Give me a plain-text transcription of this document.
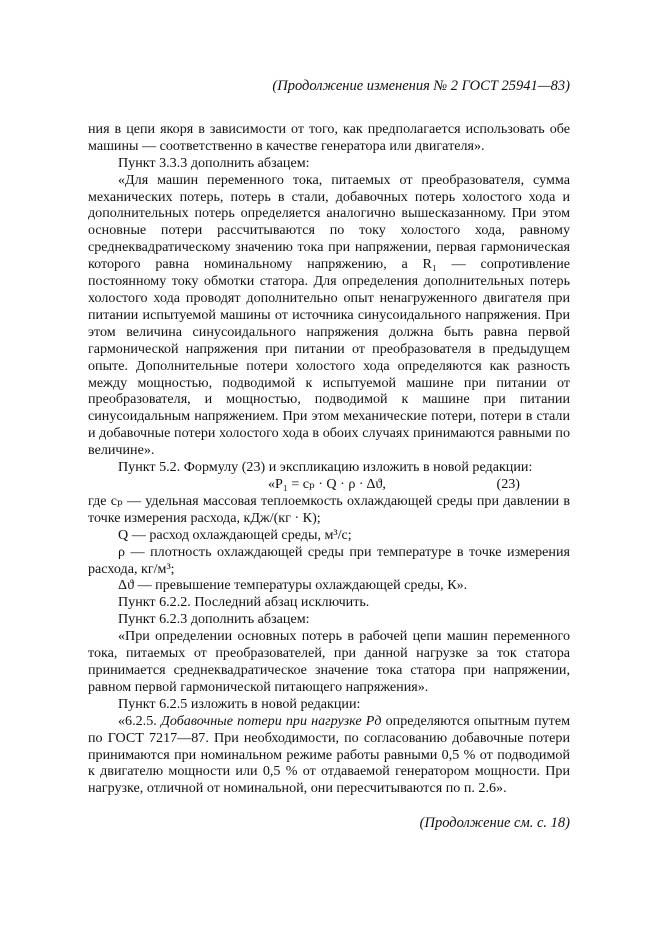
(Продолжение изменения № 2 ГОСТ 25941—83)

ния в цепи якоря в зависимости от того, как предполагается использовать обе машины — соответственно в качестве генератора или двигателя».

Пункт 3.3.3 дополнить абзацем:

«Для машин переменного тока, питаемых от преобразователя, сумма механических потерь, потерь в стали, добавочных потерь холостого хода и дополнительных потерь определяется аналогично вышесказанному. При этом основные потери рассчитываются по току холостого хода, равному среднеквадратическому значению тока при напряжении, первая гармоническая которого равна номинальному напряжению, а R₁ — сопротивление постоянному току обмотки статора. Для определения дополнительных потерь холостого хода проводят дополнительно опыт ненагруженного двигателя при питании испытуемой машины от источника синусоидального напряжения. При этом величина синусоидального напряжения должна быть равна первой гармонической напряжения при питании от преобразователя в предыдущем опыте. Дополнительные потери холостого хода определяются как разность между мощностью, подводимой к испытуемой машине при питании от преобразователя, и мощностью, подводимой к машине при питании синусоидальным напряжением. При этом механические потери, потери в стали и добавочные потери холостого хода в обоих случаях принимаются равными по величине».

Пункт 5.2. Формулу (23) и экспликацию изложить в новой редакции:

«P₁ = cₚ · Q · ρ · Δϑ,	(23)

где cₚ — удельная массовая теплоемкость охлаждающей среды при давлении в точке измерения расхода, кДж/(кг · К);

Q — расход охлаждающей среды, м³/с;

ρ — плотность охлаждающей среды при температуре в точке измерения расхода, кг/м³;

Δϑ — превышение температуры охлаждающей среды, К».

Пункт 6.2.2. Последний абзац исключить.

Пункт 6.2.3 дополнить абзацем:

«При определении основных потерь в рабочей цепи машин переменного тока, питаемых от преобразователей, при данной нагрузке за ток статора принимается среднеквадратическое значение тока статора при напряжении, равном первой гармонической питающего напряжения».

Пункт 6.2.5 изложить в новой редакции:

«6.2.5. Добавочные потери при нагрузке Pд определяются опытным путем по ГОСТ 7217—87. При необходимости, по согласованию добавочные потери принимаются при номинальном режиме работы равными 0,5 % от подводимой к двигателю мощности или 0,5 % от отдаваемой генератором мощности. При нагрузке, отличной от номинальной, они пересчитываются по п. 2.6».

(Продолжение см. с. 18)
